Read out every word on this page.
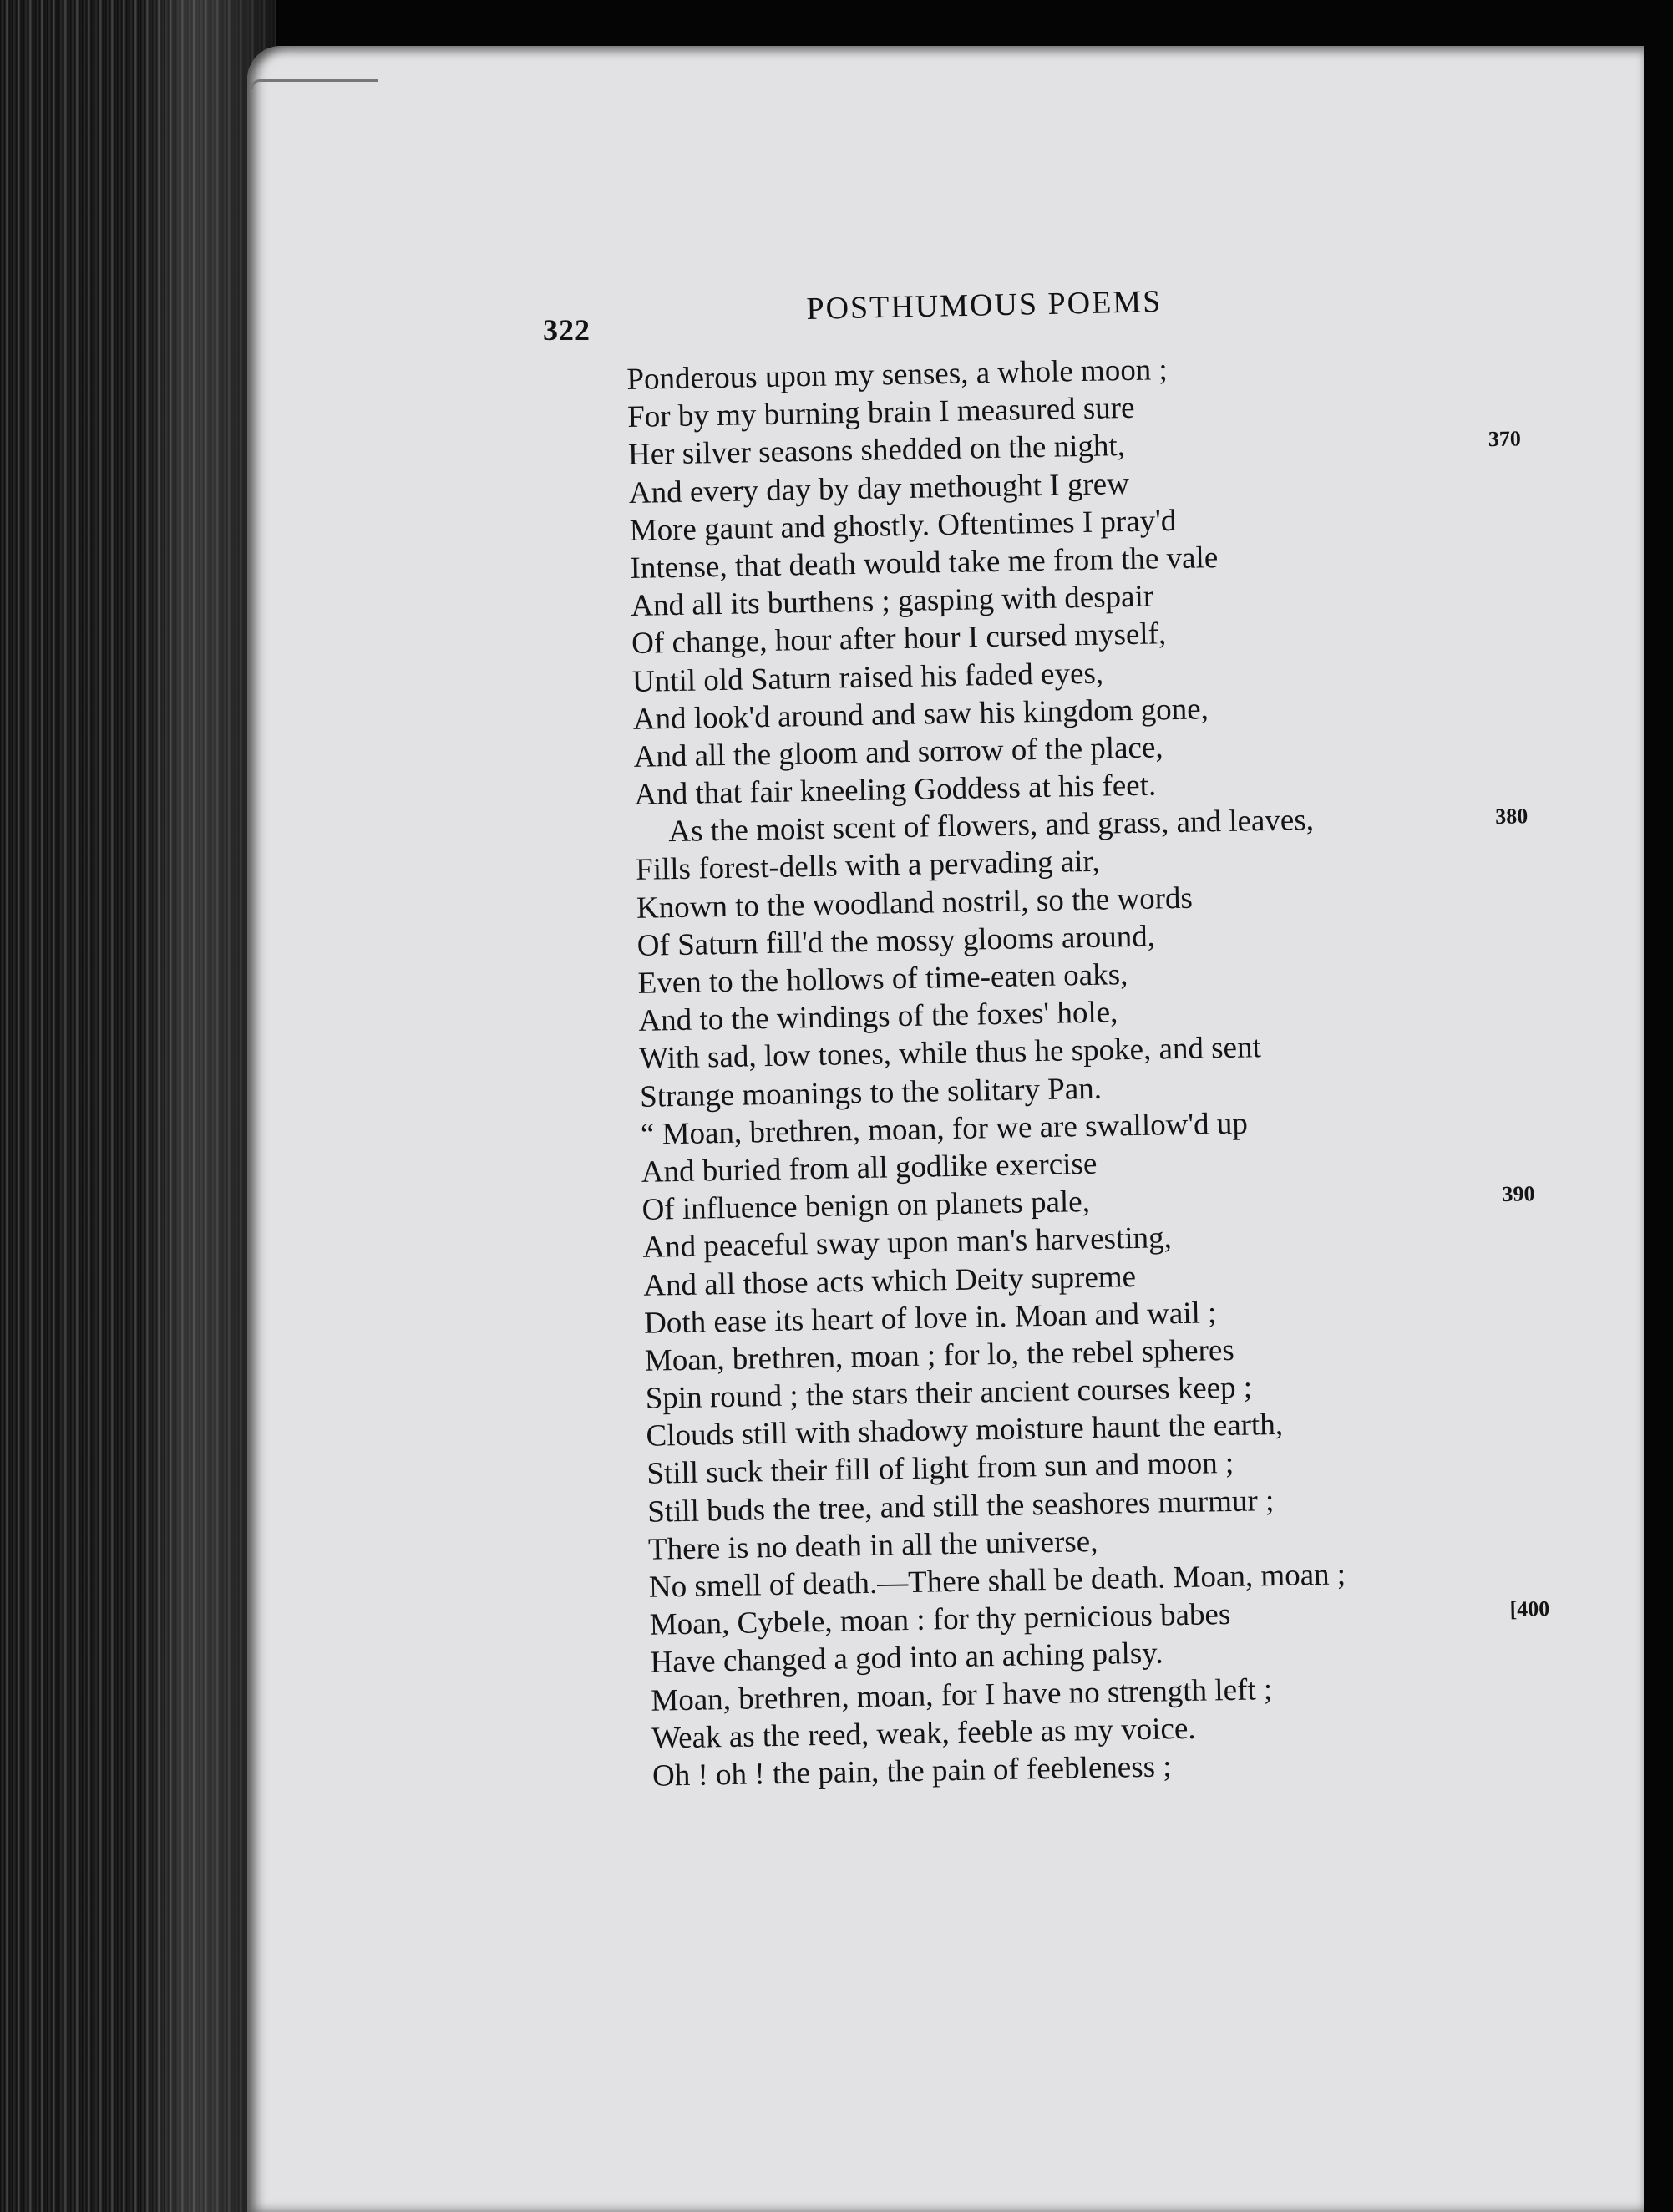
322
POSTHUMOUS POEMS
Ponderous upon my senses, a whole moon ;
For by my burning brain I measured sure
Her silver seasons shedded on the night,	370
And every day by day methought I grew
More gaunt and ghostly. Oftentimes I pray'd
Intense, that death would take me from the vale
And all its burthens ; gasping with despair
Of change, hour after hour I cursed myself,
Until old Saturn raised his faded eyes,
And look'd around and saw his kingdom gone,
And all the gloom and sorrow of the place,
And that fair kneeling Goddess at his feet.
As the moist scent of flowers, and grass, and leaves,	380
Fills forest-dells with a pervading air,
Known to the woodland nostril, so the words
Of Saturn fill'd the mossy glooms around,
Even to the hollows of time-eaten oaks,
And to the windings of the foxes' hole,
With sad, low tones, while thus he spoke, and sent
Strange moanings to the solitary Pan.
“ Moan, brethren, moan, for we are swallow'd up
And buried from all godlike exercise
Of influence benign on planets pale,	390
And peaceful sway upon man's harvesting,
And all those acts which Deity supreme
Doth ease its heart of love in. Moan and wail ;
Moan, brethren, moan ; for lo, the rebel spheres
Spin round ; the stars their ancient courses keep ;
Clouds still with shadowy moisture haunt the earth,
Still suck their fill of light from sun and moon ;
Still buds the tree, and still the seashores murmur ;
There is no death in all the universe,
No smell of death.—There shall be death. Moan, moan ;
Moan, Cybele, moan : for thy pernicious babes	[400
Have changed a god into an aching palsy.
Moan, brethren, moan, for I have no strength left ;
Weak as the reed, weak, feeble as my voice.
Oh ! oh ! the pain, the pain of feebleness ;
